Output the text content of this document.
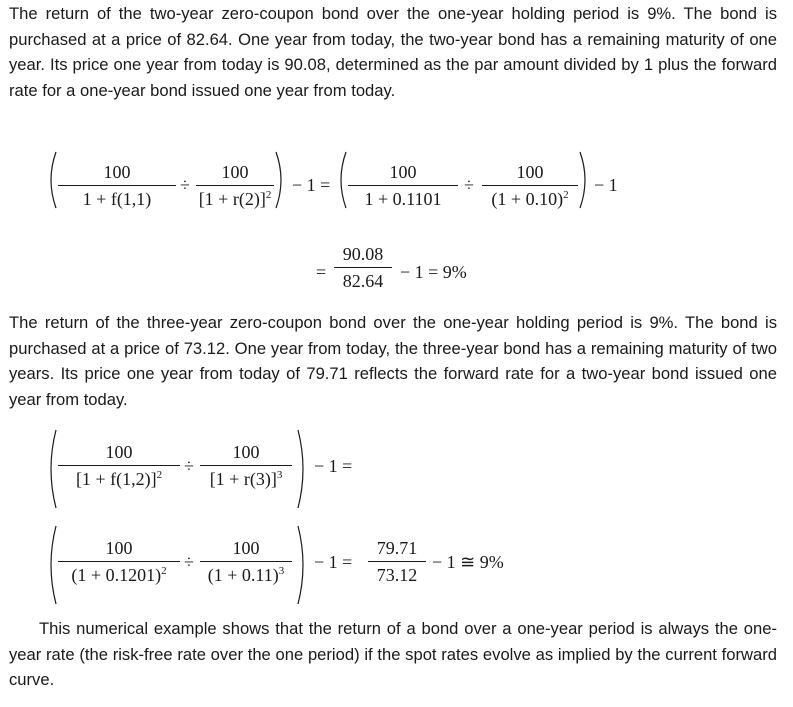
The return of the two-year zero-coupon bond over the one-year holding period is 9%. The bond is purchased at a price of 82.64. One year from today, the two-year bond has a remaining maturity of one year. Its price one year from today is 90.08, determined as the par amount divided by 1 plus the forward rate for a one-year bond issued one year from today.

$\frac{100}{1 + f(1,1)} \div \frac{100}{[1 + r(2)]^2} - 1 = \frac{100}{1 + 0.1101} \div \frac{100}{(1 + 0.10)^2} - 1$
= $\frac{90.08}{82.64} - 1 = 9\%$

The return of the three-year zero-coupon bond over the one-year holding period is 9%. The bond is purchased at a price of 73.12. One year from today, the three-year bond has a remaining maturity of two years. Its price one year from today of 79.71 reflects the forward rate for a two-year bond issued one year from today.

$\frac{100}{[1 + f(1,2)]^2} \div \frac{100}{[1 + r(3)]^3} - 1$ =
$\frac{100}{(1 + 0.1201)^2} \div \frac{100}{(1 + 0.11)^3} - 1 = \frac{79.71}{73.12} - 1$ ≅ 9%

This numerical example shows that the return of a bond over a one-year period is always the one-year rate (the risk-free rate over the one period) if the spot rates evolve as implied by the current forward curve.
